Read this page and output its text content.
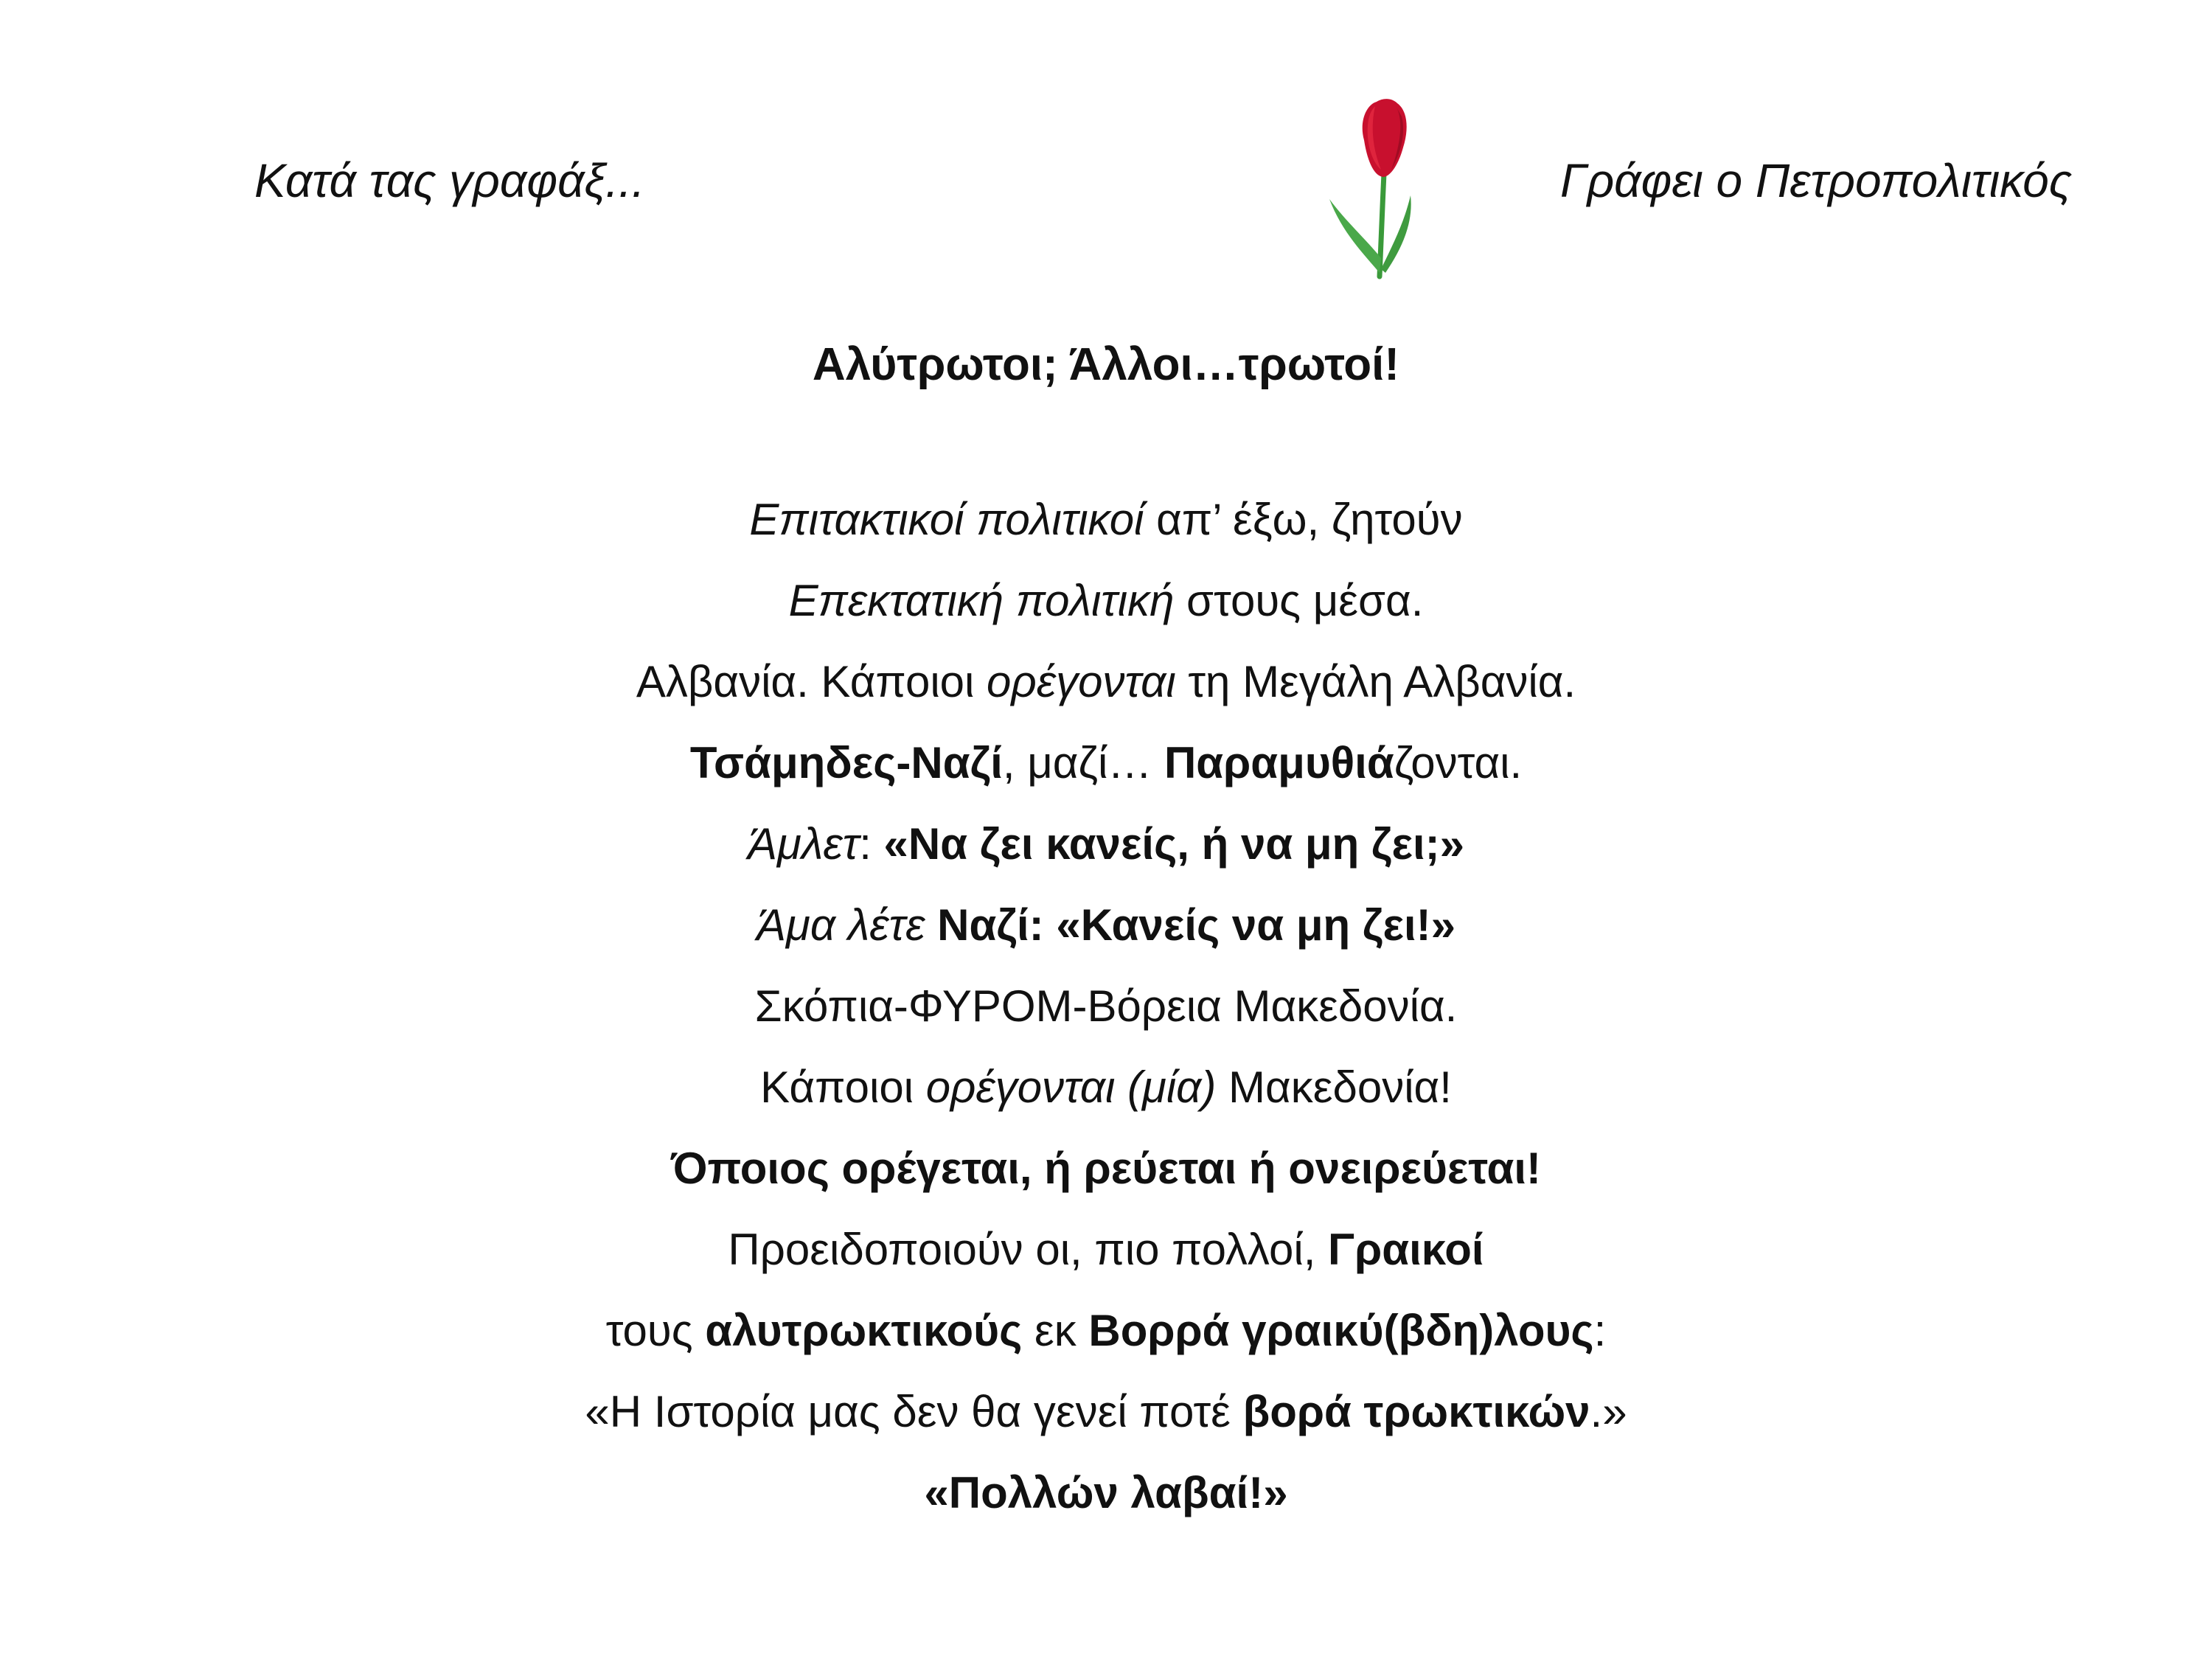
Κατά τας γραφάξ...	Γράφει ο Πετροπολιτικός
Αλύτρωτοι; Άλλοι…τρωτοί!
Επιτακτικοί πολιτικοί απ’ έξω, ζητούν
Επεκτατική πολιτική στους μέσα.
Αλβανία. Κάποιοι ορέγονται τη Μεγάλη Αλβανία.
Τσάμηδες-Ναζί, μαζί… Παραμυθιάζονται.
Άμλετ: «Να ζει κανείς, ή να μη ζει;»
Άμα λέτε Ναζί: «Κανείς να μη ζει!»
Σκόπια-ΦΥΡΟΜ-Βόρεια Μακεδονία.
Κάποιοι ορέγονται (μία) Μακεδονία!
Όποιος ορέγεται, ή ρεύεται ή ονειρεύεται!
Προειδοποιούν οι, πιο πολλοί, Γραικοί
τους αλυτρωκτικούς εκ Βορρά γραικύ(βδη)λους:
«Η Ιστορία μας δεν θα γενεί ποτέ βορά τρωκτικών.»
«Πολλών λαβαί!»
